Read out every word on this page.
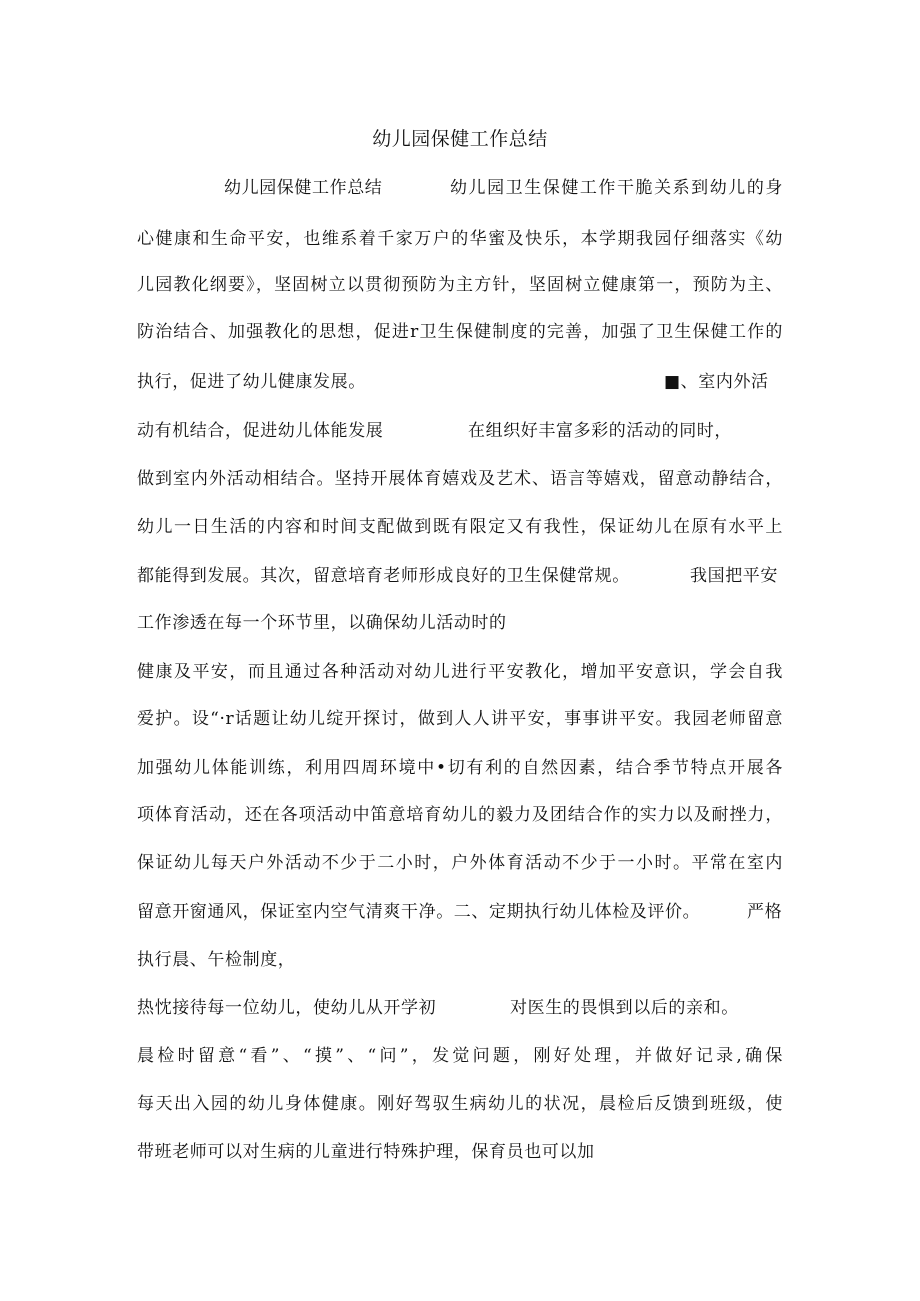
幼儿园保健工作总结
幼儿园保健工作总结	幼儿园卫生保健工作干脆关系到幼儿的身
心健康和生命平安，也维系着千家万户的华蜜及快乐，本学期我园仔细落实《幼
儿园教化纲要》，坚固树立以贯彻预防为主方针，坚固树立健康第一，预防为主、
防治结合、加强教化的思想，促进r卫生保健制度的完善，加强了卫生保健工作的
执行，促进了幼儿健康发展。	■、室内外活
动有机结合，促进幼儿体能发展	在组织好丰富多彩的活动的同时，
做到室内外活动相结合。坚持开展体育嬉戏及艺术、语言等嬉戏，留意动静结合，
幼儿一日生活的内容和时间支配做到既有限定又有我性，保证幼儿在原有水平上
都能得到发展。其次，留意培育老师形成良好的卫生保健常规。	我国把平安
工作渗透在每一个环节里，以确保幼儿活动时的
健康及平安，而且通过各种活动对幼儿进行平安教化，增加平安意识，学会自我
爱护。设“·r话题让幼儿绽开探讨，做到人人讲平安，事事讲平安。我园老师留意
加强幼儿体能训练，利用四周环境中•切有利的自然因素，结合季节特点开展各
项体育活动，还在各项活动中笛意培育幼儿的毅力及团结合作的实力以及耐挫力，
保证幼儿每天户外活动不少于二小时，户外体育活动不少于一小时。平常在室内
留意开窗通风，保证室内空气清爽干净。二、定期执行幼儿体检及评价。	严格
执行晨、午检制度，
热忱接待每一位幼儿，使幼儿从开学初	对医生的畏惧到以后的亲和。
晨检时留意“看”、“摸”、“问”，发觉问题，刚好处理，并做好记录,确保
每天出入园的幼儿身体健康。刚好驾驭生病幼儿的状况，晨检后反馈到班级，使
带班老师可以对生病的儿童进行特殊护理，保育员也可以加
